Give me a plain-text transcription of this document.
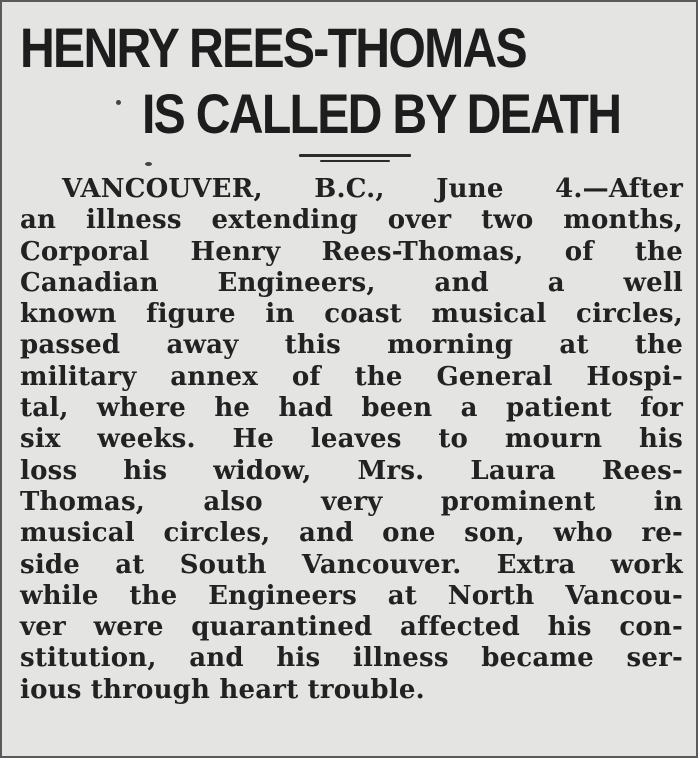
HENRY REES-THOMAS
IS CALLED BY DEATH
VANCOUVER, B.C., June 4.—After
an illness extending over two months,
Corporal Henry Rees-Thomas, of the
Canadian Engineers, and a well
known figure in coast musical circles,
passed away this morning at the
military annex of the General Hospi-
tal, where he had been a patient for
six weeks. He leaves to mourn his
loss his widow, Mrs. Laura Rees-
Thomas, also very prominent in
musical circles, and one son, who re-
side at South Vancouver. Extra work
while the Engineers at North Vancou-
ver were quarantined affected his con-
stitution, and his illness became ser-
ious through heart trouble.
